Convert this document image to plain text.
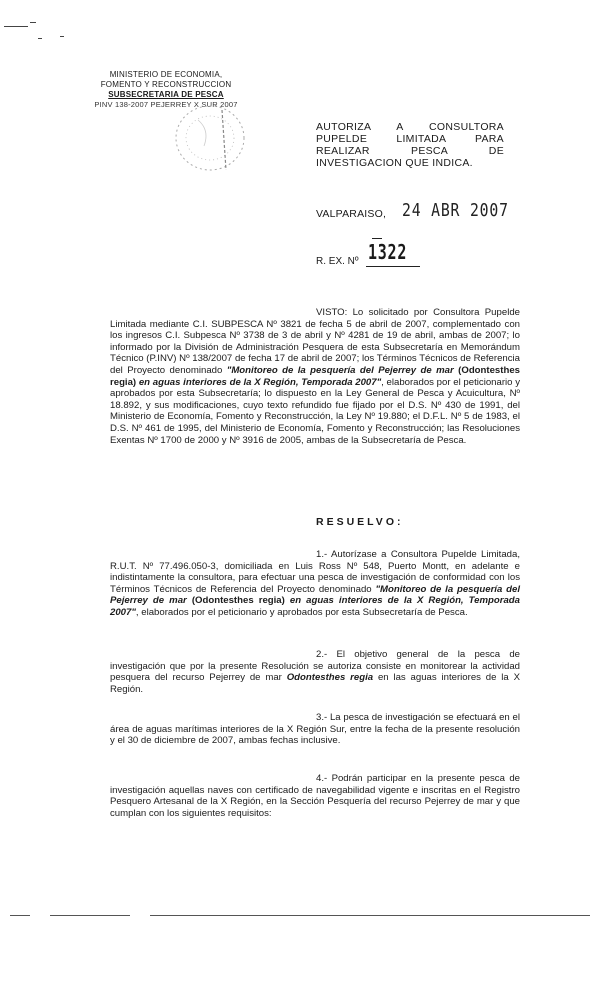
MINISTERIO DE ECONOMIA,
FOMENTO Y RECONSTRUCCION
SUBSECRETARIA DE PESCA
PINV 138-2007 PEJERREY X SUR 2007
AUTORIZA A CONSULTORA
PUPELDE LIMITADA PARA
REALIZAR PESCA DE
INVESTIGACION QUE INDICA.
VALPARAISO, 24 ABR 2007
R. EX. Nº 1322
VISTO: Lo solicitado por Consultora Pupelde Limitada mediante C.I. SUBPESCA Nº 3821 de fecha 5 de abril de 2007, complementado con los ingresos C.I. Subpesca Nº 3738 de 3 de abril y Nº 4281 de 19 de abril, ambas de 2007; lo informado por la División de Administración Pesquera de esta Subsecretaría en Memorándum Técnico (P.INV) Nº 138/2007 de fecha 17 de abril de 2007; los Términos Técnicos de Referencia del Proyecto denominado "Monitoreo de la pesquería del Pejerrey de mar (Odontesthes regia) en aguas interiores de la X Región, Temporada 2007", elaborados por el peticionario y aprobados por esta Subsecretaría; lo dispuesto en la Ley General de Pesca y Acuicultura, Nº 18.892, y sus modificaciones, cuyo texto refundido fue fijado por el D.S. Nº 430 de 1991, del Ministerio de Economía, Fomento y Reconstrucción, la Ley Nº 19.880; el D.F.L. Nº 5 de 1983, el D.S. Nº 461 de 1995, del Ministerio de Economía, Fomento y Reconstrucción; las Resoluciones Exentas Nº 1700 de 2000 y Nº 3916 de 2005, ambas de la Subsecretaría de Pesca.
RESUELVO:
1.- Autorízase a Consultora Pupelde Limitada, R.U.T. Nº 77.496.050-3, domiciliada en Luis Ross Nº 548, Puerto Montt, en adelante e indistintamente la consultora, para efectuar una pesca de investigación de conformidad con los Términos Técnicos de Referencia del Proyecto denominado "Monitoreo de la pesquería del Pejerrey de mar (Odontesthes regia) en aguas interiores de la X Región, Temporada 2007", elaborados por el peticionario y aprobados por esta Subsecretaría de Pesca.
2.- El objetivo general de la pesca de investigación que por la presente Resolución se autoriza consiste en monitorear la actividad pesquera del recurso Pejerrey de mar Odontesthes regia en las aguas interiores de la X Región.
3.- La pesca de investigación se efectuará en el área de aguas marítimas interiores de la X Región Sur, entre la fecha de la presente resolución y el 30 de diciembre de 2007, ambas fechas inclusive.
4.- Podrán participar en la presente pesca de investigación aquellas naves con certificado de navegabilidad vigente e inscritas en el Registro Pesquero Artesanal de la X Región, en la Sección Pesquería del recurso Pejerrey de mar y que cumplan con los siguientes requisitos:
